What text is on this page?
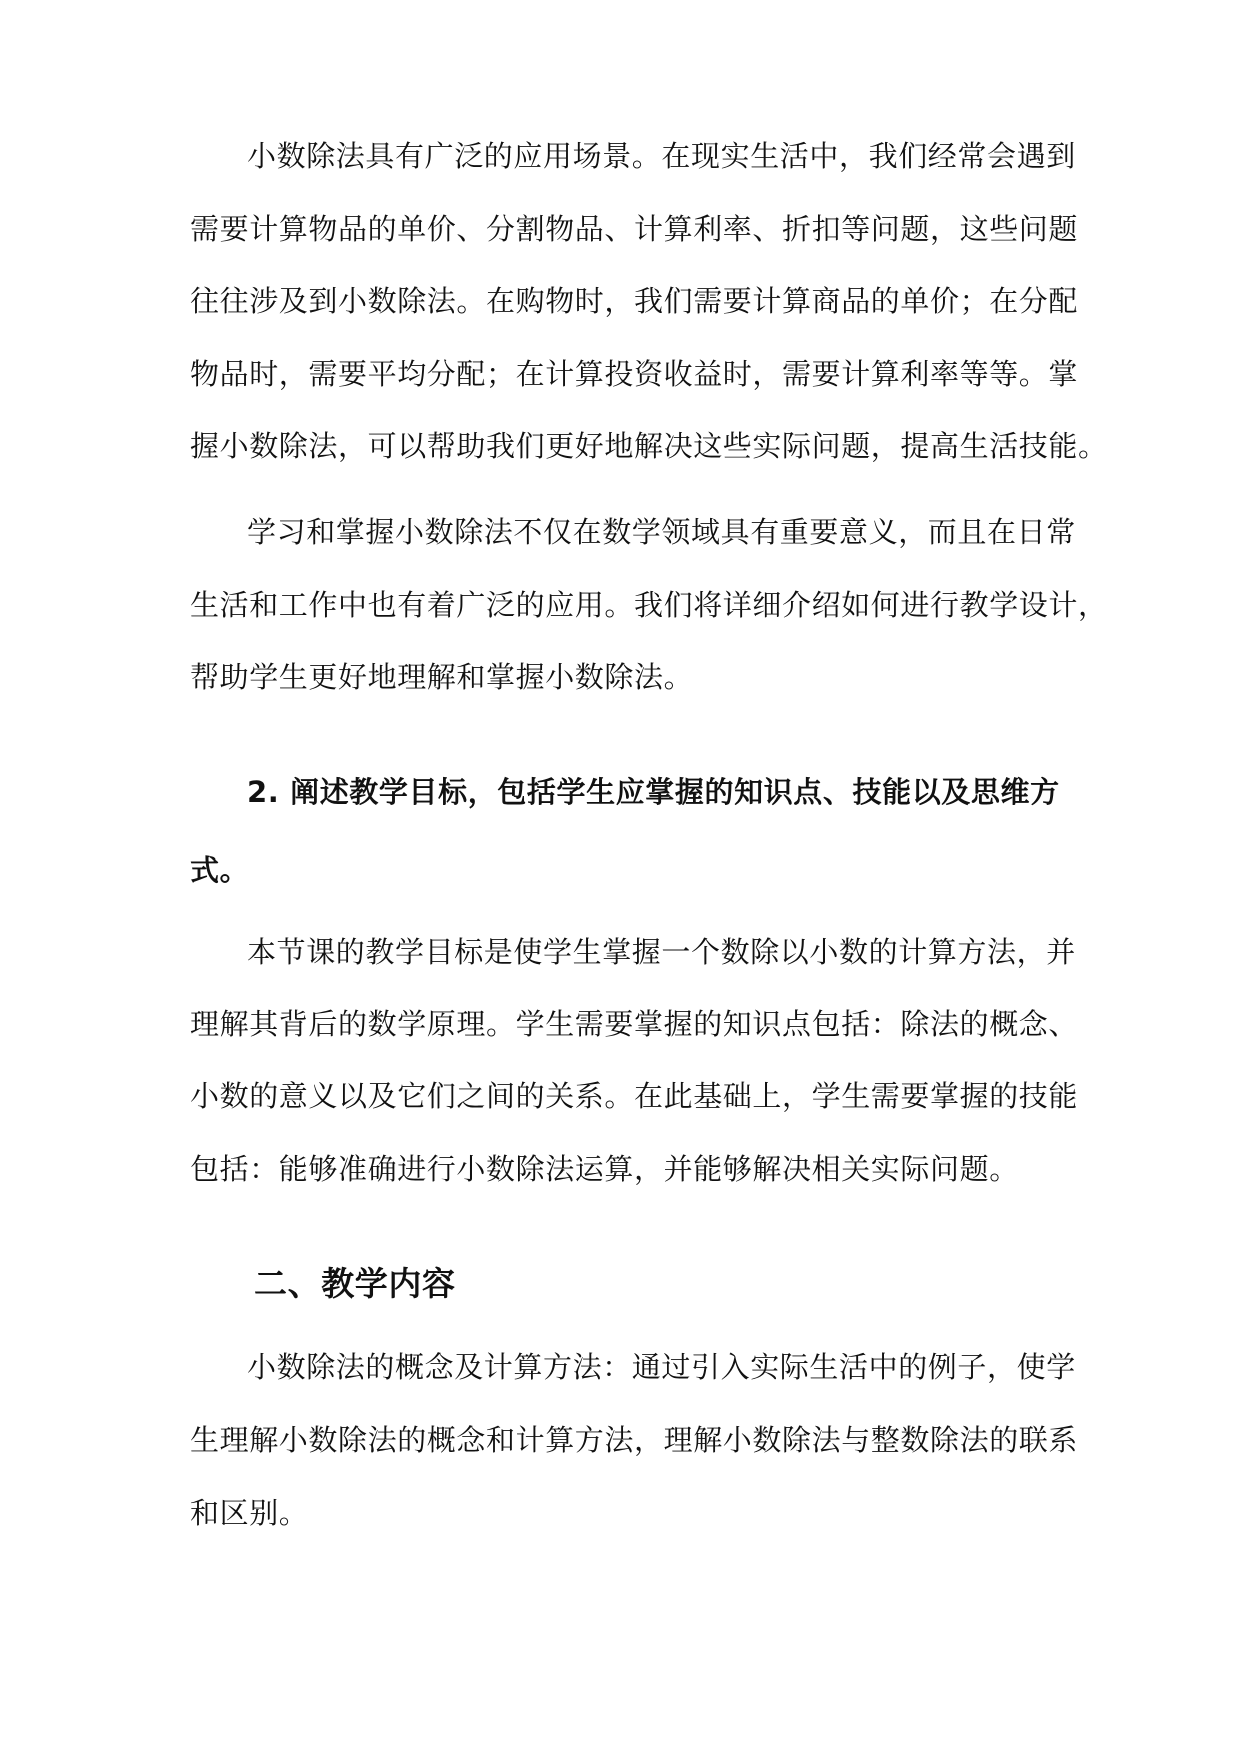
小数除法具有广泛的应用场景。在现实生活中，我们经常会遇到
需要计算物品的单价、分割物品、计算利率、折扣等问题，这些问题
往往涉及到小数除法。在购物时，我们需要计算商品的单价；在分配
物品时，需要平均分配；在计算投资收益时，需要计算利率等等。掌
握小数除法，可以帮助我们更好地解决这些实际问题，提高生活技能。
学习和掌握小数除法不仅在数学领域具有重要意义，而且在日常
生活和工作中也有着广泛的应用。我们将详细介绍如何进行教学设计，
帮助学生更好地理解和掌握小数除法。
2. 阐述教学目标，包括学生应掌握的知识点、技能以及思维方
式。
本节课的教学目标是使学生掌握一个数除以小数的计算方法，并
理解其背后的数学原理。学生需要掌握的知识点包括：除法的概念、
小数的意义以及它们之间的关系。在此基础上，学生需要掌握的技能
包括：能够准确进行小数除法运算，并能够解决相关实际问题。
二、教学内容
小数除法的概念及计算方法：通过引入实际生活中的例子，使学
生理解小数除法的概念和计算方法，理解小数除法与整数除法的联系
和区别。
